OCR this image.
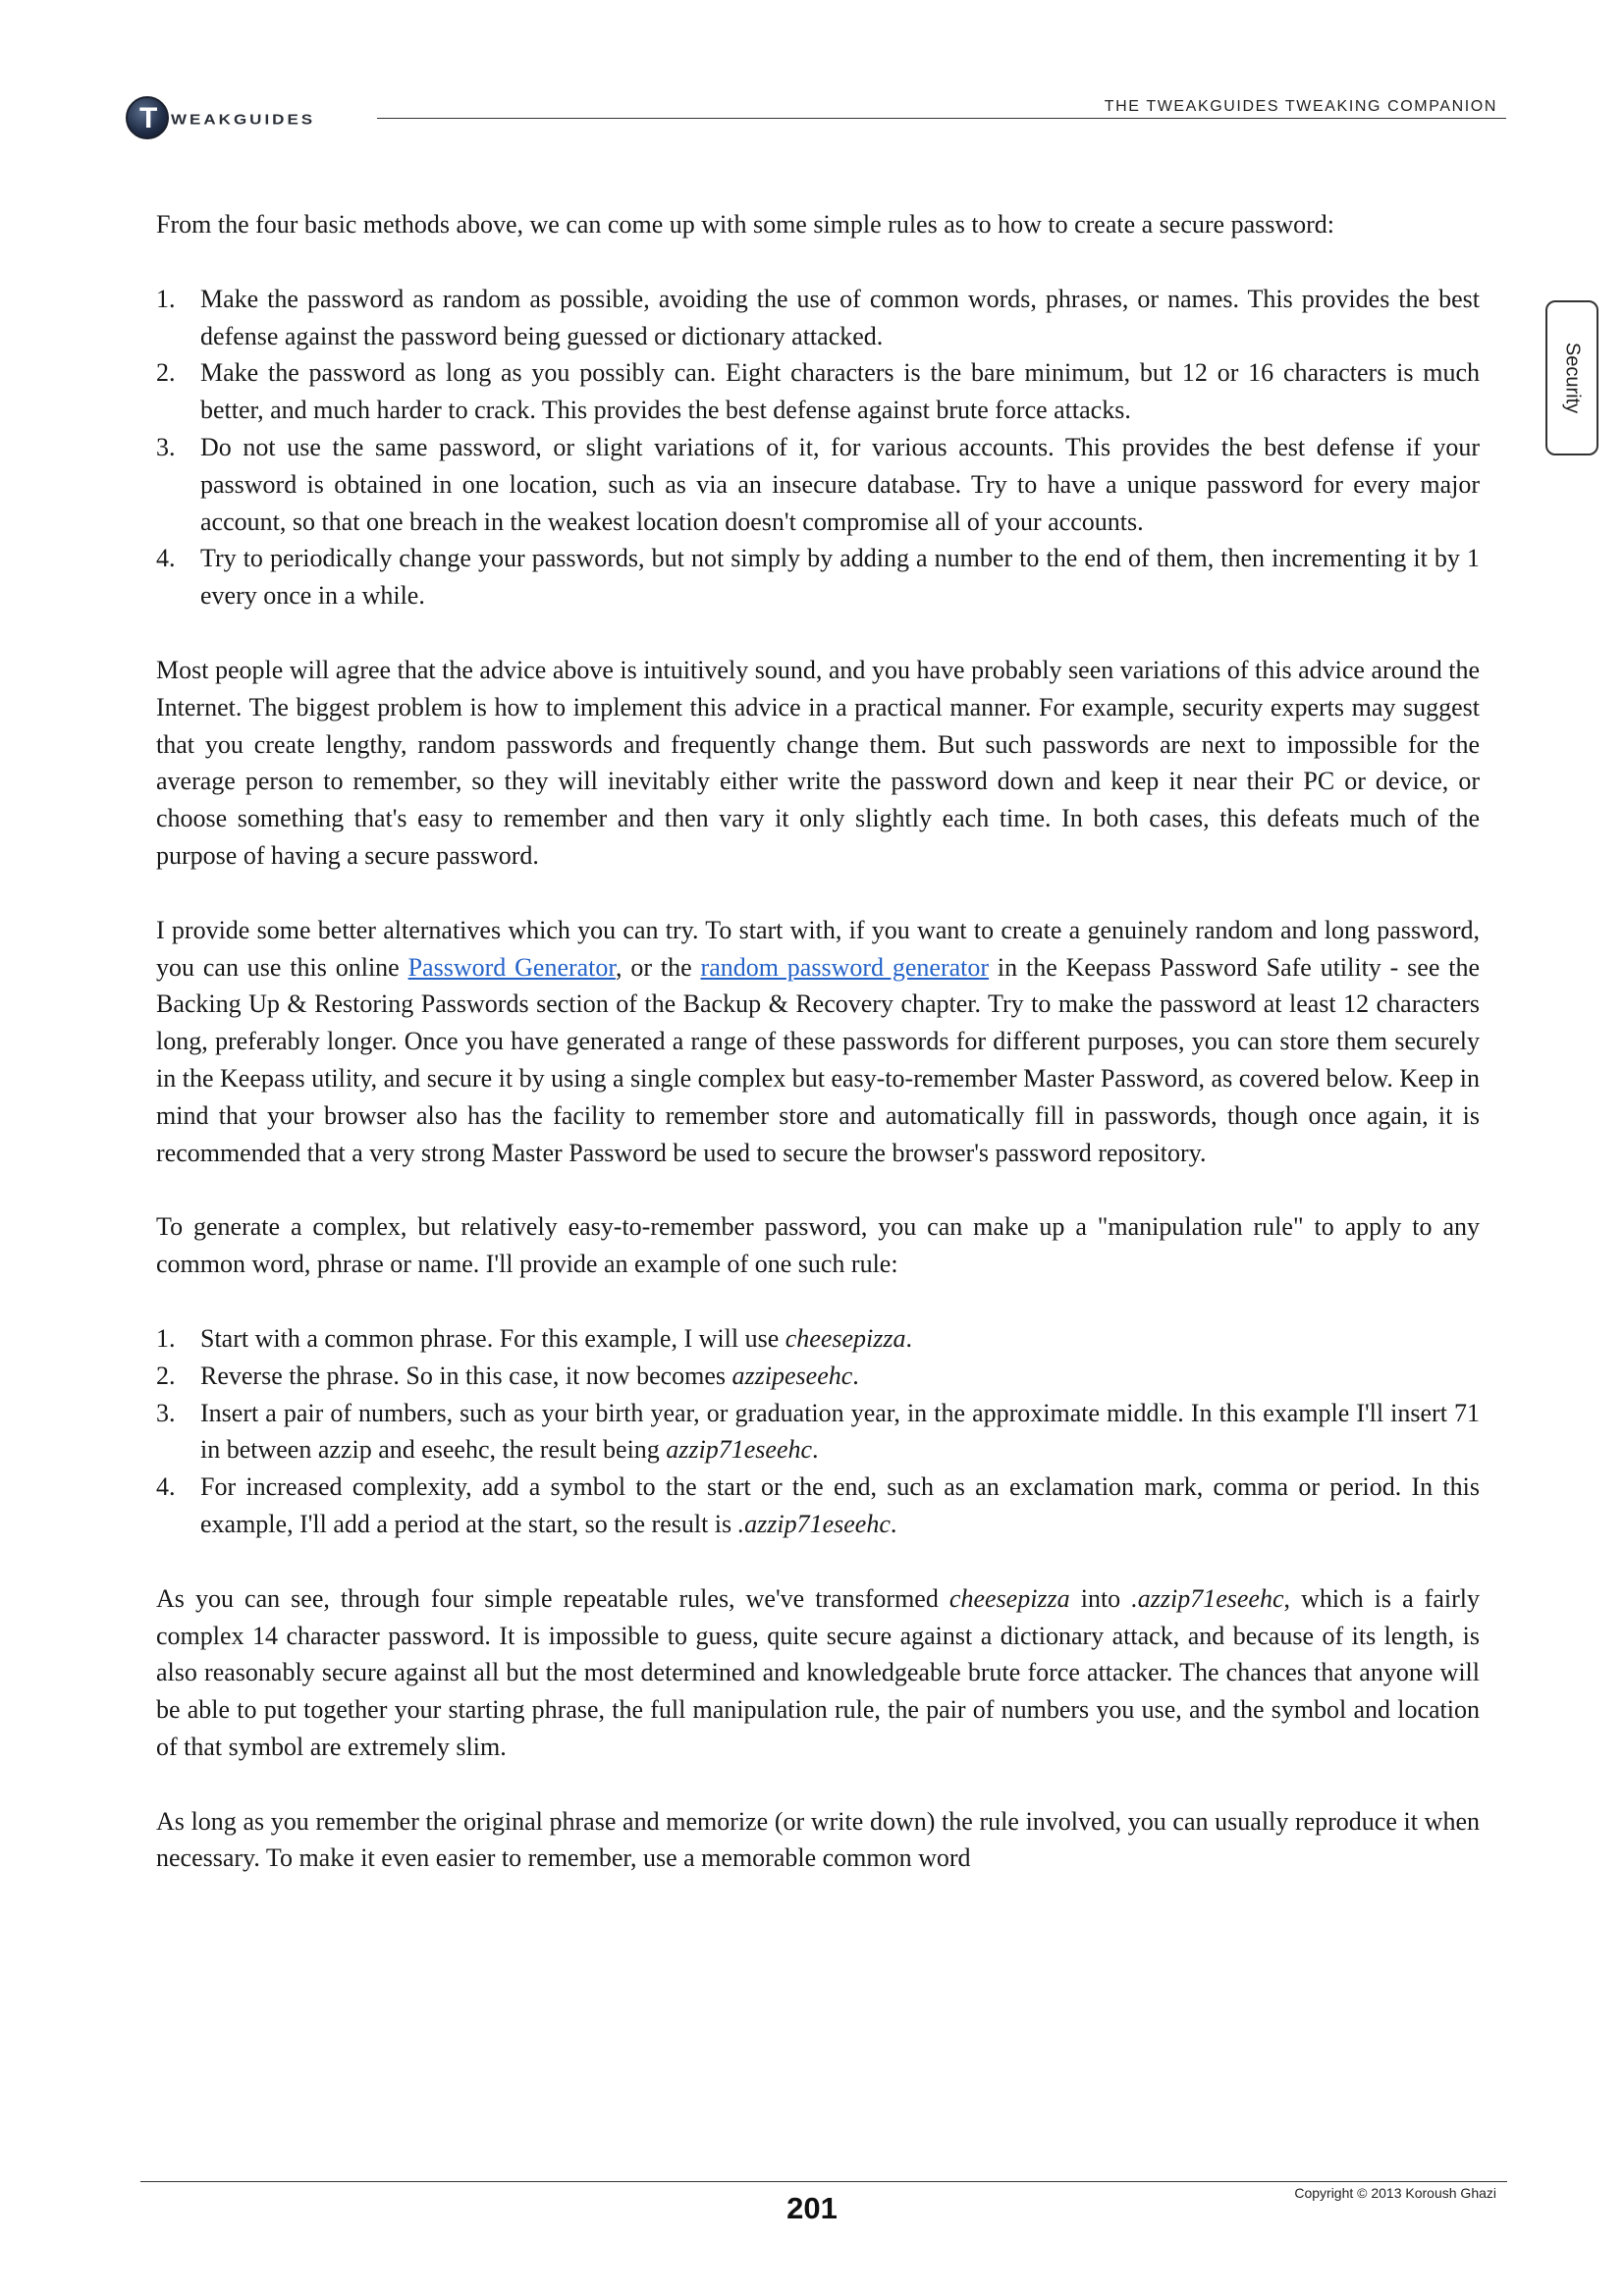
T WEAKGUIDES
THE TWEAKGUIDES TWEAKING COMPANION
Security

From the four basic methods above, we can come up with some simple rules as to how to create a secure password:

1. Make the password as random as possible, avoiding the use of common words, phrases, or names. This provides the best defense against the password being guessed or dictionary attacked.
2. Make the password as long as you possibly can. Eight characters is the bare minimum, but 12 or 16 characters is much better, and much harder to crack. This provides the best defense against brute force attacks.
3. Do not use the same password, or slight variations of it, for various accounts. This provides the best defense if your password is obtained in one location, such as via an insecure database. Try to have a unique password for every major account, so that one breach in the weakest location doesn't compromise all of your accounts.
4. Try to periodically change your passwords, but not simply by adding a number to the end of them, then incrementing it by 1 every once in a while.

Most people will agree that the advice above is intuitively sound, and you have probably seen variations of this advice around the Internet. The biggest problem is how to implement this advice in a practical manner. For example, security experts may suggest that you create lengthy, random passwords and frequently change them. But such passwords are next to impossible for the average person to remember, so they will inevitably either write the password down and keep it near their PC or device, or choose something that's easy to remember and then vary it only slightly each time. In both cases, this defeats much of the purpose of having a secure password.

I provide some better alternatives which you can try. To start with, if you want to create a genuinely random and long password, you can use this online Password Generator, or the random password generator in the Keepass Password Safe utility - see the Backing Up & Restoring Passwords section of the Backup & Recovery chapter. Try to make the password at least 12 characters long, preferably longer. Once you have generated a range of these passwords for different purposes, you can store them securely in the Keepass utility, and secure it by using a single complex but easy-to-remember Master Password, as covered below. Keep in mind that your browser also has the facility to remember store and automatically fill in passwords, though once again, it is recommended that a very strong Master Password be used to secure the browser's password repository.

To generate a complex, but relatively easy-to-remember password, you can make up a "manipulation rule" to apply to any common word, phrase or name. I'll provide an example of one such rule:

1. Start with a common phrase. For this example, I will use cheesepizza.
2. Reverse the phrase. So in this case, it now becomes azzipeseehc.
3. Insert a pair of numbers, such as your birth year, or graduation year, in the approximate middle. In this example I'll insert 71 in between azzip and eseehc, the result being azzip71eseehc.
4. For increased complexity, add a symbol to the start or the end, such as an exclamation mark, comma or period. In this example, I'll add a period at the start, so the result is .azzip71eseehc.

As you can see, through four simple repeatable rules, we've transformed cheesepizza into .azzip71eseehc, which is a fairly complex 14 character password. It is impossible to guess, quite secure against a dictionary attack, and because of its length, is also reasonably secure against all but the most determined and knowledgeable brute force attacker. The chances that anyone will be able to put together your starting phrase, the full manipulation rule, the pair of numbers you use, and the symbol and location of that symbol are extremely slim.

As long as you remember the original phrase and memorize (or write down) the rule involved, you can usually reproduce it when necessary. To make it even easier to remember, use a memorable common word

201	Copyright © 2013 Koroush Ghazi
